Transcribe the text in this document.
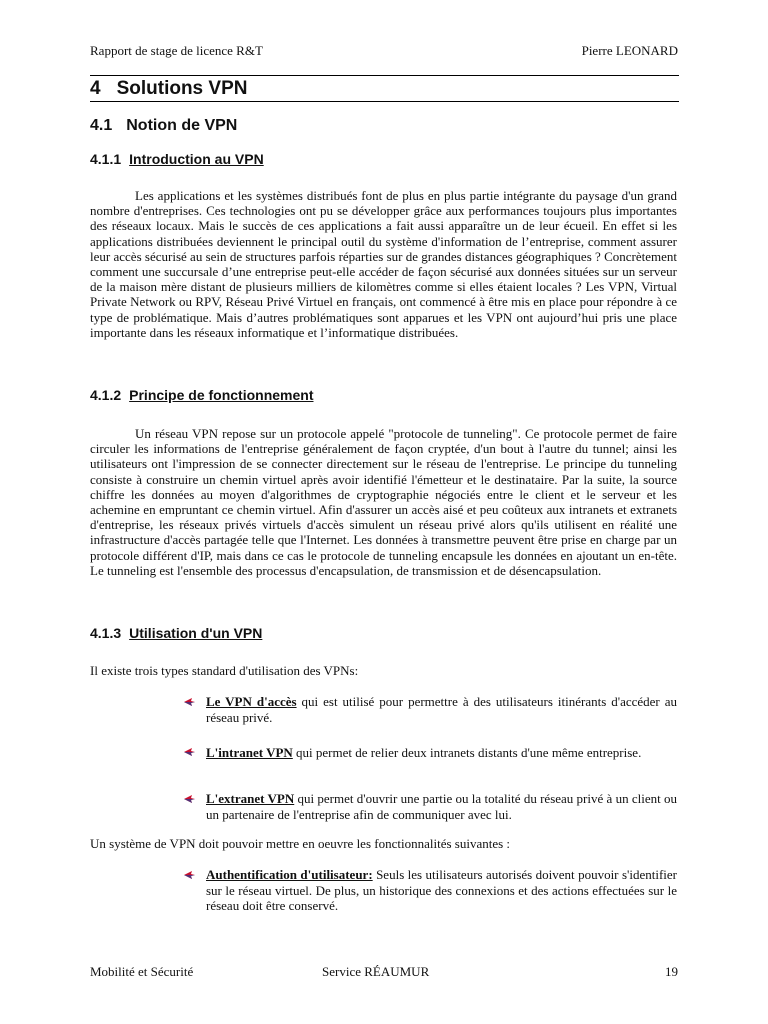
Rapport de stage de licence R&T	Pierre LEONARD
4 Solutions VPN
4.1 Notion de VPN
4.1.1 Introduction au VPN
Les applications et les systèmes distribués font de plus en plus partie intégrante du paysage d'un grand nombre d'entreprises. Ces technologies ont pu se développer grâce aux performances toujours plus importantes des réseaux locaux. Mais le succès de ces applications a fait aussi apparaître un de leur écueil. En effet si les applications distribuées deviennent le principal outil du système d'information de l’entreprise, comment assurer leur accès sécurisé au sein de structures parfois réparties sur de grandes distances géographiques ? Concrètement comment une succursale d’une entreprise peut-elle accéder de façon sécurisé aux données situées sur un serveur de la maison mère distant de plusieurs milliers de kilomètres comme si elles étaient locales ? Les VPN, Virtual Private Network ou RPV, Réseau Privé Virtuel en français, ont commencé à être mis en place pour répondre à ce type de problématique. Mais d’autres problématiques sont apparues et les VPN ont aujourd’hui pris une place importante dans les réseaux informatique et l’informatique distribuées.
4.1.2 Principe de fonctionnement
Un réseau VPN repose sur un protocole appelé "protocole de tunneling". Ce protocole permet de faire circuler les informations de l'entreprise généralement de façon cryptée, d'un bout à l'autre du tunnel; ainsi les utilisateurs ont l'impression de se connecter directement sur le réseau de l'entreprise. Le principe du tunneling consiste à construire un chemin virtuel après avoir identifié l'émetteur et le destinataire. Par la suite, la source chiffre les données au moyen d'algorithmes de cryptographie négociés entre le client et le serveur et les achemine en empruntant ce chemin virtuel. Afin d'assurer un accès aisé et peu coûteux aux intranets et extranets d'entreprise, les réseaux privés virtuels d'accès simulent un réseau privé alors qu'ils utilisent en réalité une infrastructure d'accès partagée telle que l'Internet. Les données à transmettre peuvent être prise en charge par un protocole différent d'IP, mais dans ce cas le protocole de tunneling encapsule les données en ajoutant un en-tête. Le tunneling est l'ensemble des processus d'encapsulation, de transmission et de désencapsulation.
4.1.3 Utilisation d'un VPN
Il existe trois types standard d'utilisation des VPNs:
Le VPN d'accès qui est utilisé pour permettre à des utilisateurs itinérants d'accéder au réseau privé.
L'intranet VPN qui permet de relier deux intranets distants d'une même entreprise.
L'extranet VPN qui permet d'ouvrir une partie ou la totalité du réseau privé à un client ou un partenaire de l'entreprise afin de communiquer avec lui.
Un système de VPN doit pouvoir mettre en oeuvre les fonctionnalités suivantes :
Authentification d'utilisateur: Seuls les utilisateurs autorisés doivent pouvoir s'identifier sur le réseau virtuel. De plus, un historique des connexions et des actions effectuées sur le réseau doit être conservé.
Mobilité et Sécurité	Service RÉAUMUR	19
